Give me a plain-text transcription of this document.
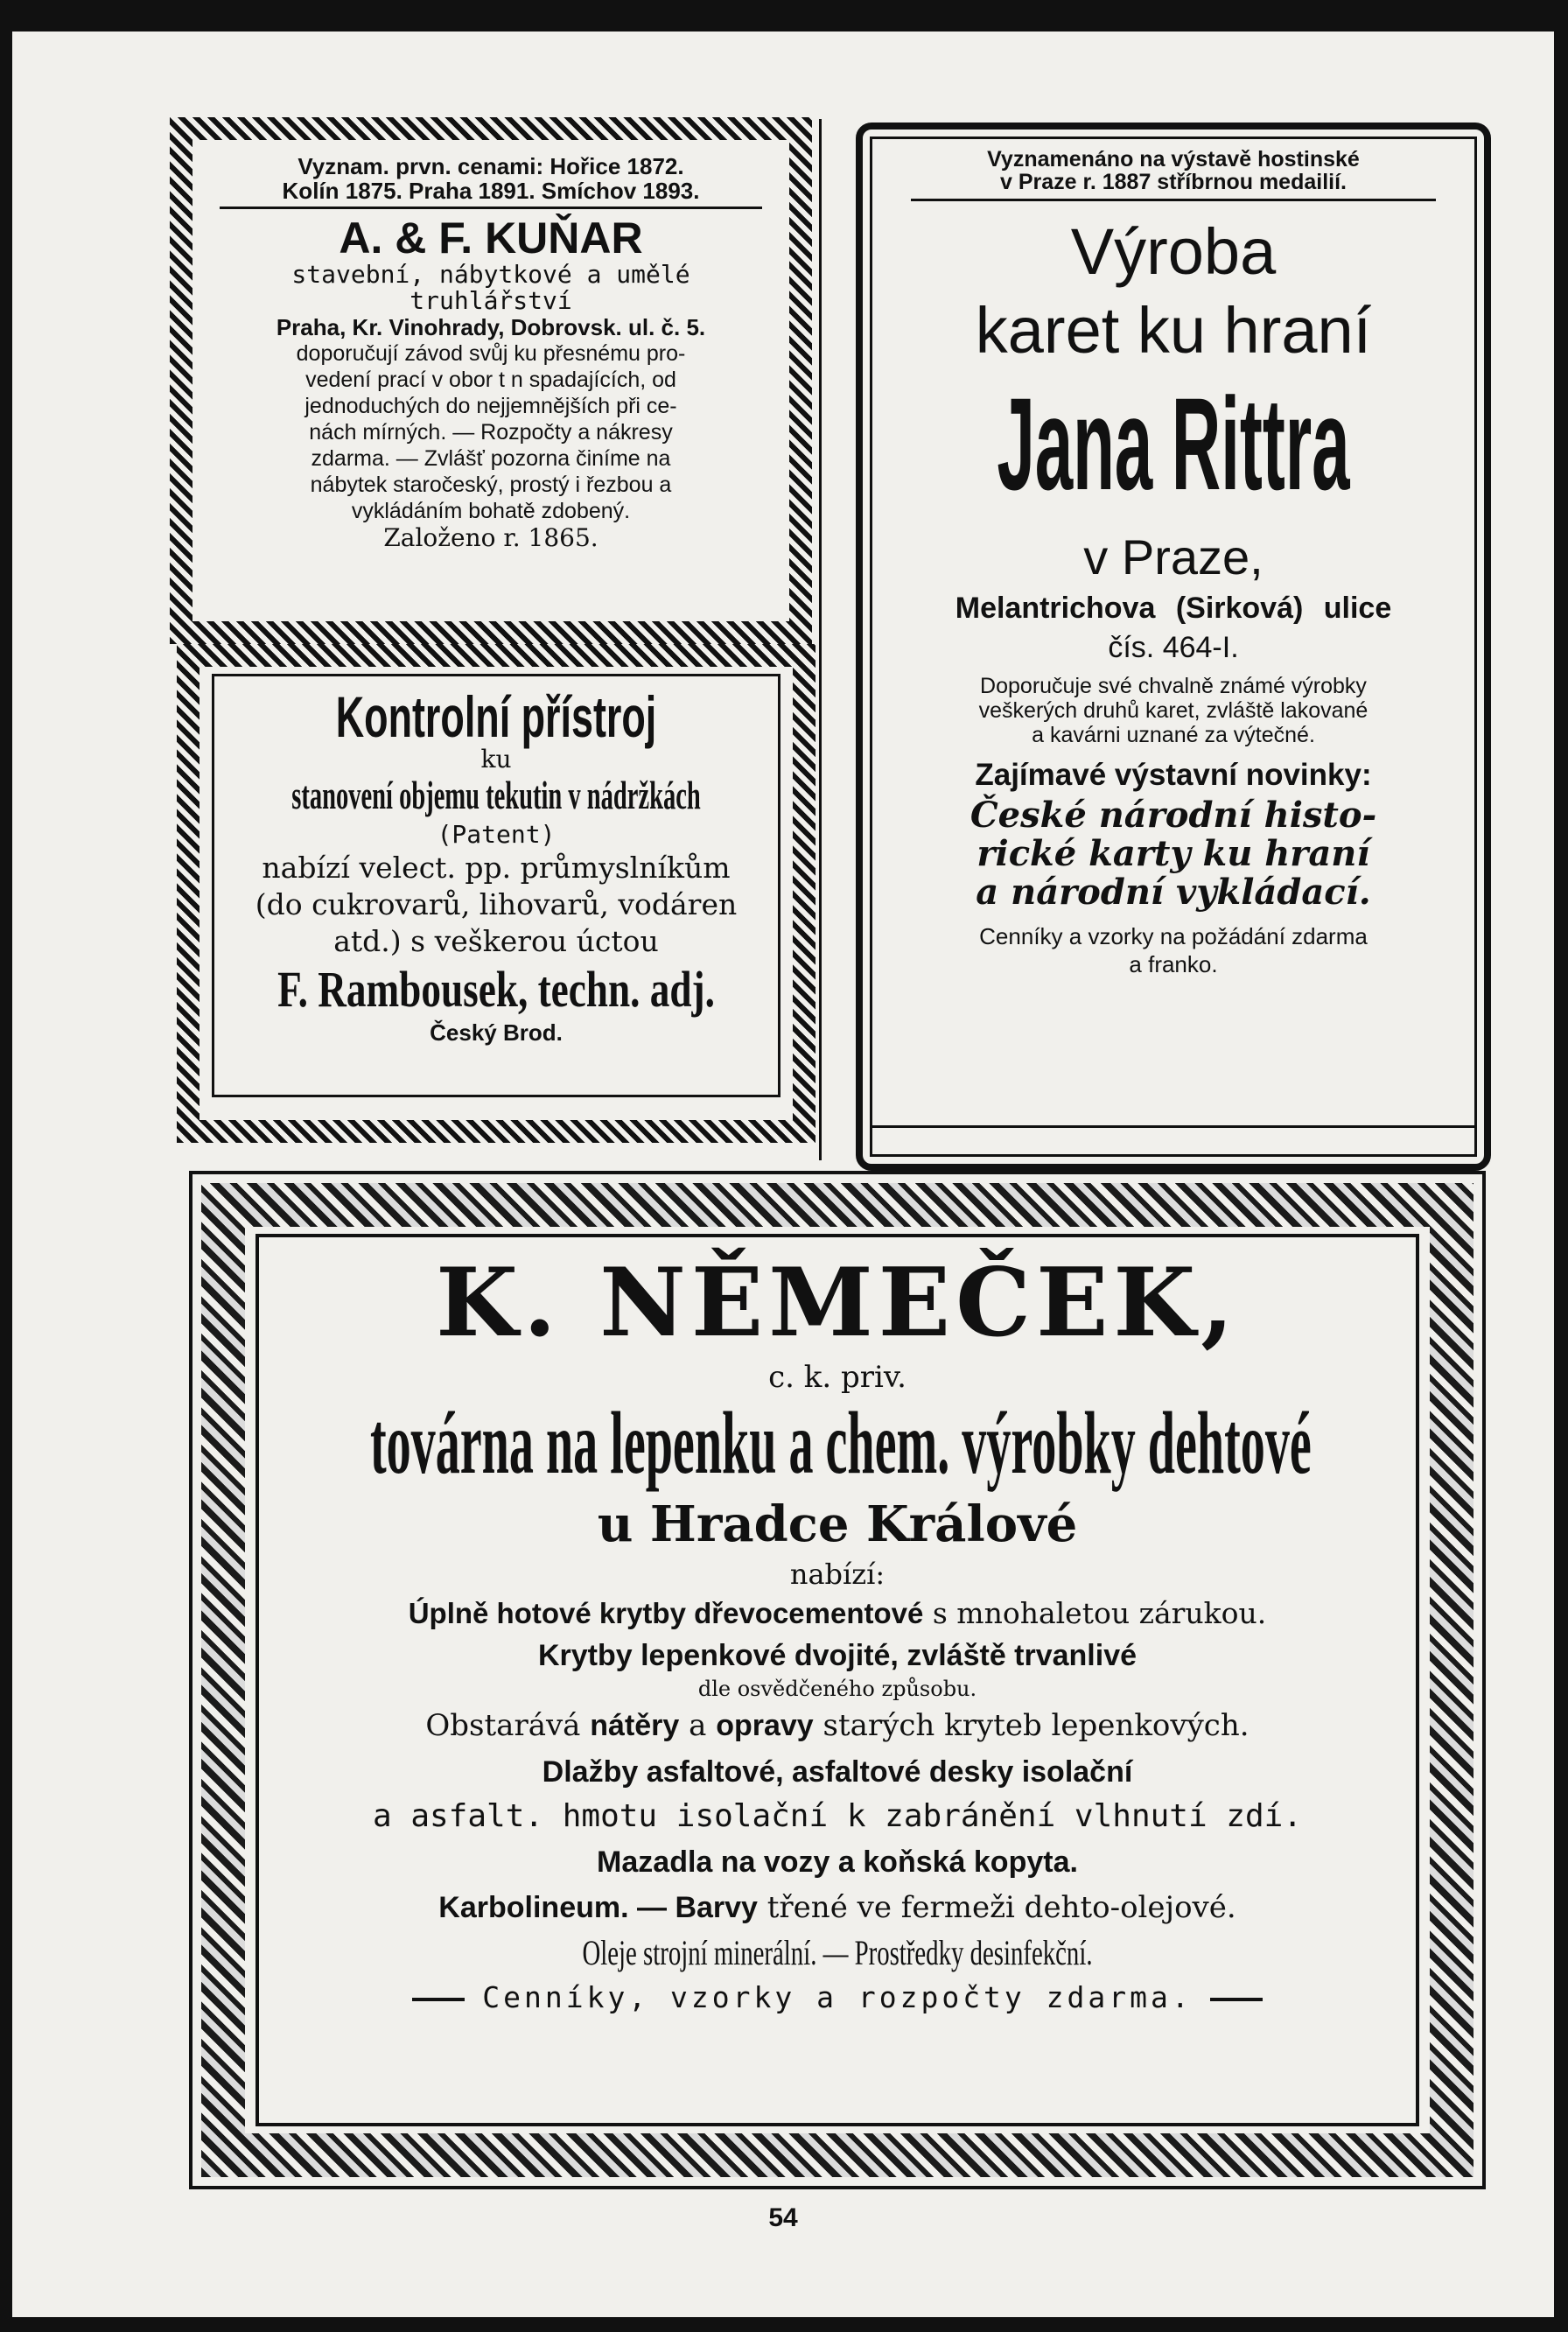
Vyznam. prvn. cenami: Hořice 1872.
Kolín 1875. Praha 1891. Smíchov 1893.
A. & F. KUŇAR
stavební, nábytkové a umělé
truhlářství
Praha, Kr. Vinohrady, Dobrovsk. ul. č. 5.
doporučují závod svůj ku přesnému pro-
vedení prací v obor t n spadajících, od
jednoduchých do nejjemnějších při ce-
nách mírných. — Rozpočty a nákresy
zdarma. — Zvlášť pozorna činíme na
nábytek staročeský, prostý i řezbou a
vykládáním bohatě zdobený.
Založeno r. 1865.
Kontrolní přístroj
ku
stanovení objemu tekutin v nádržkách
(Patent)
nabízí velect. pp. průmyslníkům
(do cukrovarů, lihovarů, vodáren
atd.) s veškerou úctou
F. Rambousek, techn. adj.
Český Brod.
Vyznamenáno na výstavě hostinské
v Praze r. 1887 stříbrnou medailií.
Výroba
karet ku hraní
Jana Rittra
v Praze,
Melantrichova (Sirková) ulice
čís. 464-I.
Doporučuje své chvalně známé výrobky
veškerých druhů karet, zvláště lakované
a kavárni uznané za výtečné.
Zajímavé výstavní novinky:
České národní histo-
rické karty ku hraní
a národní vykládací.
Cenníky a vzorky na požádání zdarma
a franko.
K. NĚMEČEK,
c. k. priv.
továrna na lepenku a chem. výrobky dehtové
u Hradce Králové
nabízí:
Úplně hotové krytby dřevocementové s mnohaletou zárukou.
Krytby lepenkové dvojité, zvláště trvanlivé
dle osvědčeného způsobu.
Obstarává nátěry a opravy starých kryteb lepenkových.
Dlažby asfaltové, asfaltové desky isolační
a asfalt. hmotu isolační k zabránění vlhnutí zdí.
Mazadla na vozy a koňská kopyta.
Karbolineum. — Barvy třené ve fermeži dehto-olejové.
Oleje strojní minerální. — Prostředky desinfekční.
Cenníky, vzorky a rozpočty zdarma.
54
